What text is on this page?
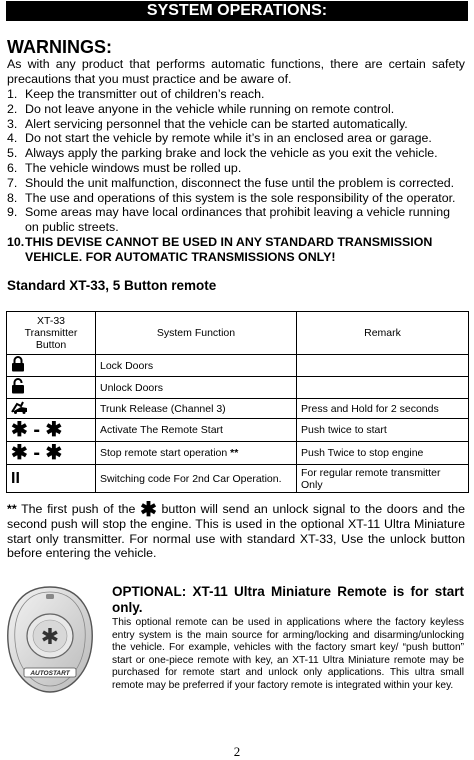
SYSTEM OPERATIONS:
WARNINGS:
As with any product that performs automatic functions, there are certain safety precautions that you must practice and be aware of.
1. Keep the transmitter out of children’s reach.
2. Do not leave anyone in the vehicle while running on remote control.
3. Alert servicing personnel that the vehicle can be started automatically.
4. Do not start the vehicle by remote while it’s in an enclosed area or garage.
5. Always apply the parking brake and lock the vehicle as you exit the vehicle.
6. The vehicle windows must be rolled up.
7. Should the unit malfunction, disconnect the fuse until the problem is corrected.
8. The use and operations of this system is the sole responsibility of the operator.
9. Some areas may have local ordinances that prohibit leaving a vehicle running on public streets.
10. THIS DEVISE CANNOT BE USED IN ANY STANDARD TRANSMISSION VEHICLE. FOR AUTOMATIC TRANSMISSIONS ONLY!
Standard XT-33, 5 Button remote
XT-33 Transmitter Button	System Function	Remark
	Lock Doors	
	Unlock Doors	
	Trunk Release (Channel 3)	Press and Hold for 2 seconds
✱ - ✱	Activate The Remote Start	Push twice to start
✱ - ✱	Stop remote start operation **	Push Twice to stop engine
II	Switching code For 2nd Car Operation.	For regular remote transmitter Only
** The first push of the ✱ button will send an unlock signal to the doors and the second push will stop the engine. This is used in the optional XT-11 Ultra Miniature start only transmitter. For normal use with standard XT-33, Use the unlock button before entering the vehicle.
✱
AUTOSTART
OPTIONAL: XT-11 Ultra Miniature Remote is for start only.
This optional remote can be used in applications where the factory keyless entry system is the main source for arming/locking and disarming/unlocking the vehicle. For example, vehicles with the factory smart key/ “push button” start or one-piece remote with key, an XT-11 Ultra Miniature remote may be purchased for remote start and unlock only applications. This ultra small remote may be preferred if your factory remote is integrated within your key.
2
